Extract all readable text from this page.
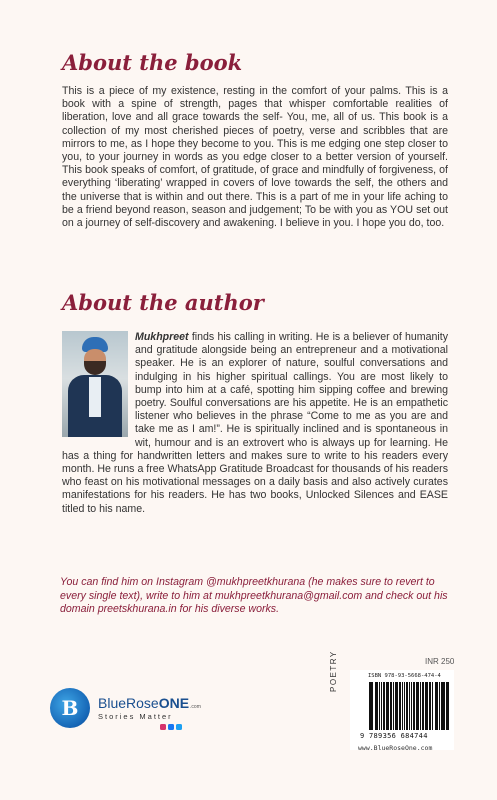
About the book

This is a piece of my existence, resting in the comfort of your palms. This is a book with a spine of strength, pages that whisper comfortable realities of liberation, love and all grace towards the self- You, me, all of us. This book is a collection of my most cherished pieces of poetry, verse and scribbles that are mirrors to me, as I hope they become to you. This is me edging one step closer to you, to your journey in words as you edge closer to a better version of yourself. This book speaks of comfort, of gratitude, of grace and mindfully of forgiveness, of everything ‘liberating’ wrapped in covers of love towards the self, the others and the universe that is within and out there. This is a part of me in your life aching to be a friend beyond reason, season and judgement; To be with you as YOU set out on a journey of self-discovery and awakening. I believe in you. I hope you do, too.

About the author

Mukhpreet finds his calling in writing. He is a believer of humanity and gratitude alongside being an entrepreneur and a motivational speaker. He is an explorer of nature, soulful conversations and indulging in his higher spiritual callings. You are most likely to bump into him at a café, spotting him sipping coffee and brewing poetry. Soulful conversations are his appetite. He is an empathetic listener who believes in the phrase “Come to me as you are and take me as I am!”. He is spiritually inclined and is spontaneous in wit, humour and is an extrovert who is always up for learning. He has a thing for handwritten letters and makes sure to write to his readers every month. He runs a free WhatsApp Gratitude Broadcast for thousands of his readers who feast on his motivational messages on a daily basis and also actively curates manifestations for his readers. He has two books, Unlocked Silences and EASE titled to his name.

You can find him on Instagram @mukhpreetkhurana (he makes sure to revert to every single text), write to him at mukhpreetkhurana@gmail.com and check out his domain preetskhurana.in for his diverse works.

INR 250
POETRY	ISBN 978-93-5668-474-4
9 789356 684744
www.BlueRoseOne.com
B	BlueRose ONE .com
Stories Matter
